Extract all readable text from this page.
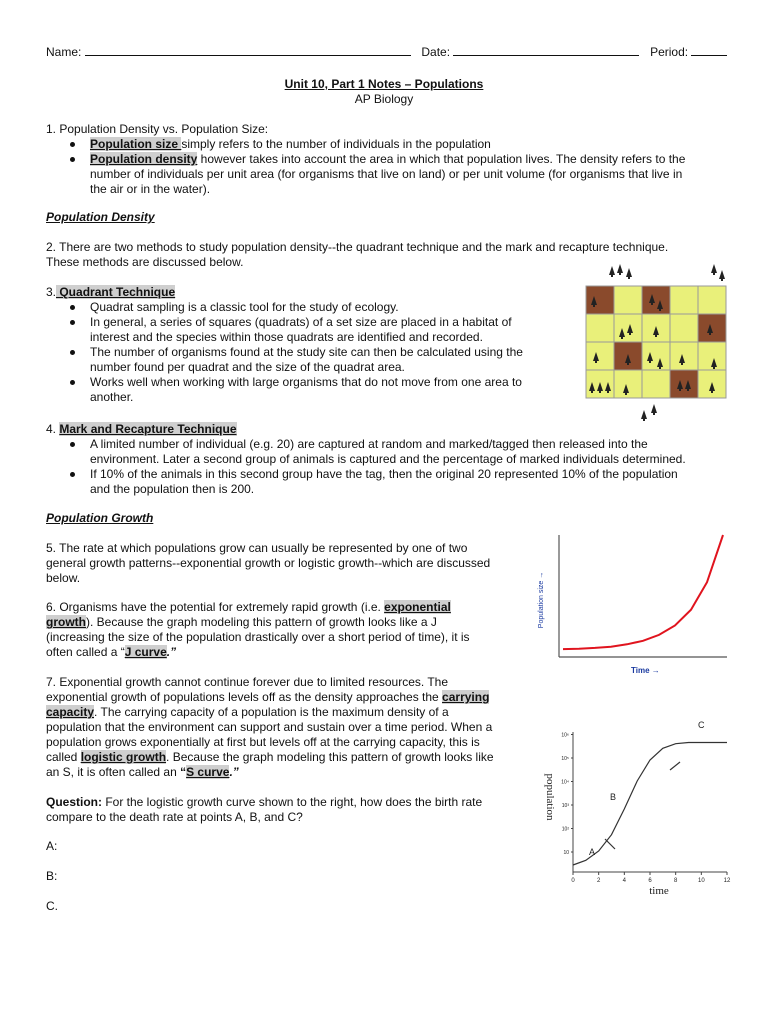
Name:	Date:	Period:
Unit 10, Part 1 Notes – Populations
AP Biology
1. Population Density vs. Population Size:
Population size simply refers to the number of individuals in the population
Population density however takes into account the area in which that population lives. The density refers to the
number of individuals per unit area (for organisms that live on land) or per unit volume (for organisms that live in
the air or in the water).
Population Density
2. There are two methods to study population density--the quadrant technique and the mark and recapture technique.
These methods are discussed below.
3. Quadrant Technique
Quadrat sampling is a classic tool for the study of ecology.
In general, a series of squares (quadrats) of a set size are placed in a habitat of
interest and the species within those quadrats are identified and recorded.
The number of organisms found at the study site can then be calculated using the
number found per quadrat and the size of the quadrat area.
Works well when working with large organisms that do not move from one area to
another.
4. Mark and Recapture Technique
A limited number of individual (e.g. 20) are captured at random and marked/tagged then released into the
environment. Later a second group of animals is captured and the percentage of marked individuals determined.
If 10% of the animals in this second group have the tag, then the original 20 represented 10% of the population
and the population then is 200.
Population Growth
5. The rate at which populations grow can usually be represented by one of two
general growth patterns--exponential growth or logistic growth--which are discussed
below.
6. Organisms have the potential for extremely rapid growth (i.e. exponential
growth). Because the graph modeling this pattern of growth looks like a J
(increasing the size of the population drastically over a short period of time), it is
often called a “J curve.”
Population size →
Time →
7. Exponential growth cannot continue forever due to limited resources. The
exponential growth of populations levels off as the density approaches the carrying
capacity. The carrying capacity of a population is the maximum density of a
population that the environment can support and sustain over a time period. When a
population grows exponentially at first but levels off at the carrying capacity, this is
called logistic growth. Because the graph modeling this pattern of growth looks like
an S, it is often called an “S curve.”
Question: For the logistic growth curve shown to the right, how does the birth rate
compare to the death rate at points A, B, and C?
A:
B:
C.
population
time
0	2	4	6	8	10	12
10
10²
10³
10⁴
10⁵
10⁶
A
B
C
